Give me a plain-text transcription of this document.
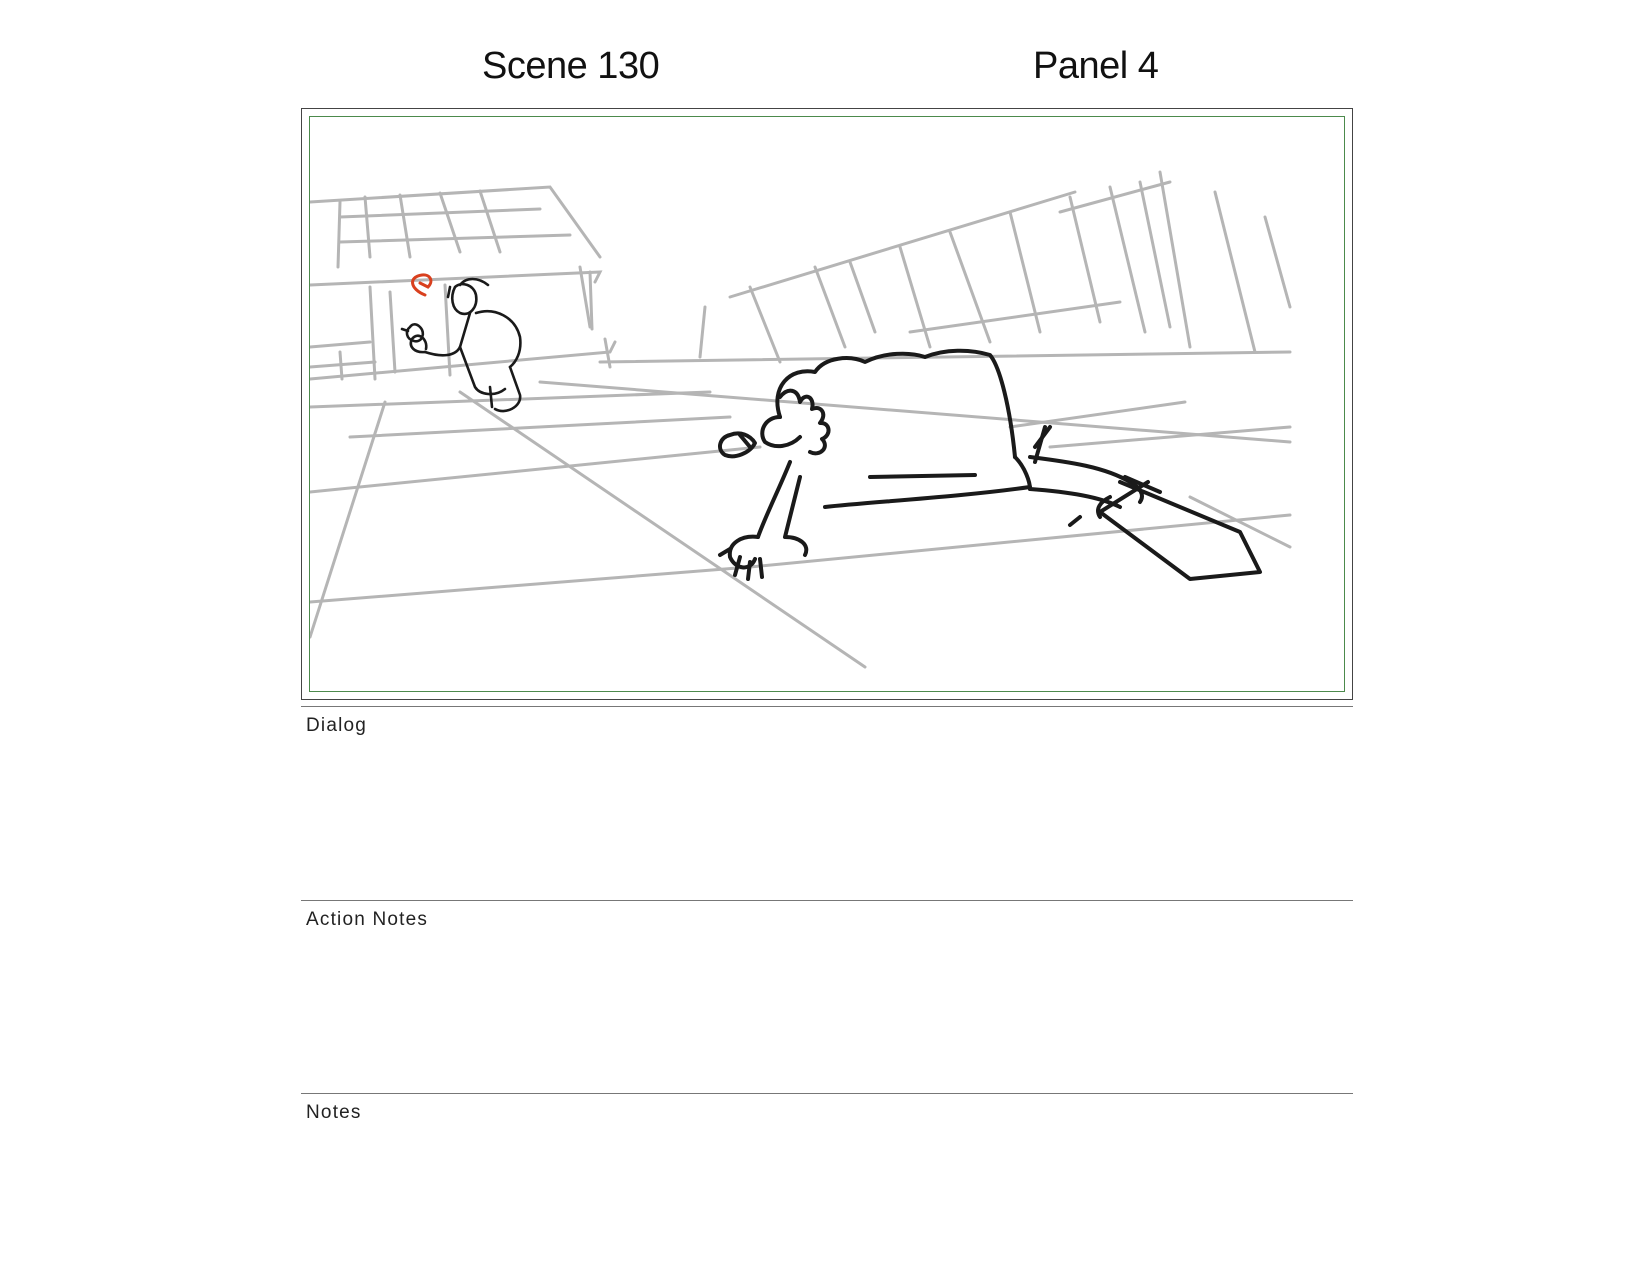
Scene 130	Panel 4
Dialog
Action Notes
Notes
